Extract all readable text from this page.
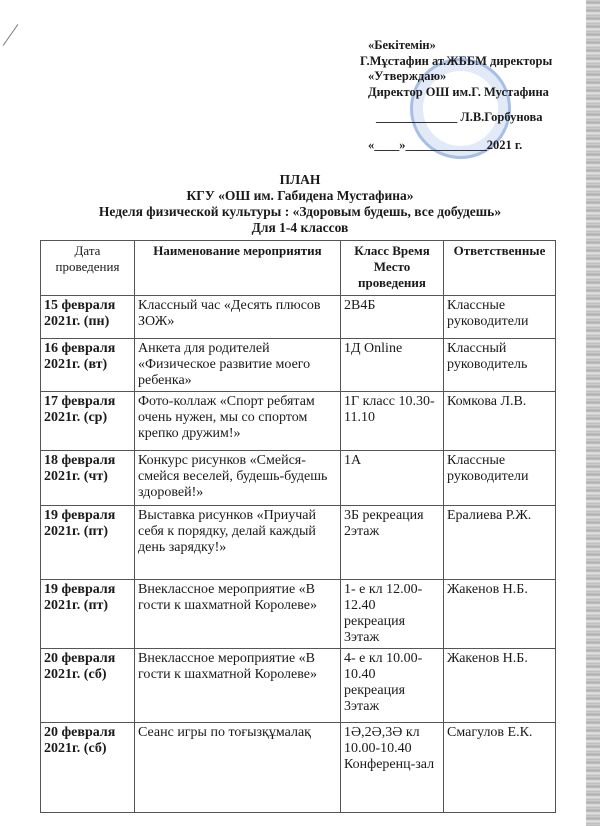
«Бекітемін»
Г.Мұстафин ат.ЖББМ директоры
«Утверждаю»
Директор ОШ им.Г. Мустафина
_____________ Л.В.Горбунова
«____»_____________2021 г.
ПЛАН
КГУ «ОШ им. Габидена Мустафина»
Неделя физической культуры : «Здоровым будешь, все добудешь»
Для 1-4 классов
Дата проведения	Наименование мероприятия	Класс Время Место проведения	Ответственные
15 февраля 2021г. (пн)	Классный час «Десять плюсов ЗОЖ»	2В4Б	Классные руководители
16 февраля 2021г. (вт)	Анкета для родителей «Физическое развитие моего ребенка»	1Д Online	Классный руководитель
17 февраля 2021г. (ср)	Фото-коллаж «Спорт ребятам очень нужен, мы со спортом крепко дружим!»	1Г класс 10.30-11.10	Комкова Л.В.
18 февраля 2021г. (чт)	Конкурс рисунков «Смейся-смейся веселей, будешь-будешь здоровей!»	1А	Классные руководители
19 февраля 2021г. (пт)	Выставка рисунков «Приучай себя к порядку, делай каждый день зарядку!»	3Б рекреация 2этаж	Ералиева Р.Ж.
19 февраля 2021г. (пт)	Внеклассное мероприятие «В гости к шахматной Королеве»	1- е кл 12.00-12.40 рекреация 3этаж	Жакенов Н.Б.
20 февраля 2021г. (сб)	Внеклассное мероприятие «В гости к шахматной Королеве»	4- е кл 10.00-10.40 рекреация 3этаж	Жакенов Н.Б.
20 февраля 2021г. (сб)	Сеанс игры по тоғызқұмалақ	1Ә,2Ә,3Ә кл 10.00-10.40 Конференц-зал	Смагулов Е.К.
